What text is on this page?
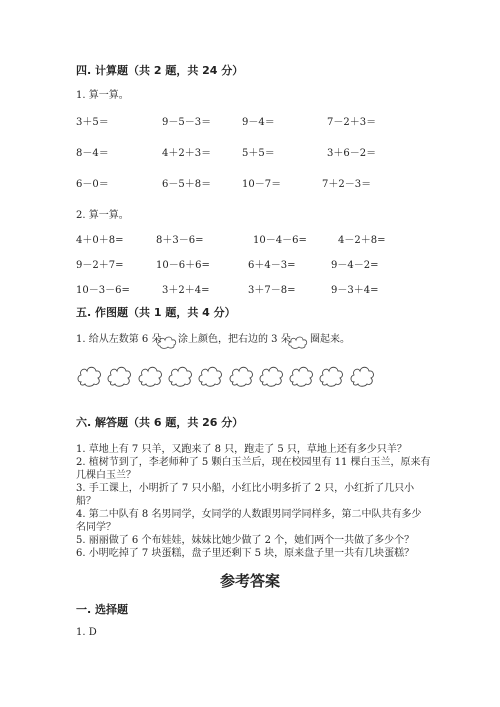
四. 计算题（共 2 题，共 24 分）
1. 算一算。
3＋5＝	9－5－3＝	9－4＝	7－2＋3＝
8－4＝	4＋2＋3＝	5＋5＝	3＋6－2＝
6－0＝	6－5＋8＝	10－7＝	7＋2－3＝
2. 算一算。
4＋0＋8=	8＋3－6=	10－4－6=	4－2＋8=
9－2＋7=	10－6＋6=	6＋4－3=	9－4－2=
10－3－6=	3＋2＋4=	3＋7－8=	9－3＋4=
五. 作图题（共 1 题，共 4 分）
1. 给从左数第 6 朵 涂上颜色，把右边的 3 朵 圈起来。
六. 解答题（共 6 题，共 26 分）
1. 草地上有 7 只羊，又跑来了 8 只，跑走了 5 只，草地上还有多少只羊？
2. 植树节到了，李老师种了 5 颗白玉兰后，现在校园里有 11 棵白玉兰，原来有
几棵白玉兰？
3. 手工课上，小明折了 7 只小船，小红比小明多折了 2 只，小红折了几只小
船？
4. 第二中队有 8 名男同学，女同学的人数跟男同学同样多，第二中队共有多少
名同学？
5. 丽丽做了 6 个布娃娃，妹妹比她少做了 2 个，她们两个一共做了多少个？
6. 小明吃掉了 7 块蛋糕，盘子里还剩下 5 块，原来盘子里一共有几块蛋糕？
参考答案
一. 选择题
1. D
